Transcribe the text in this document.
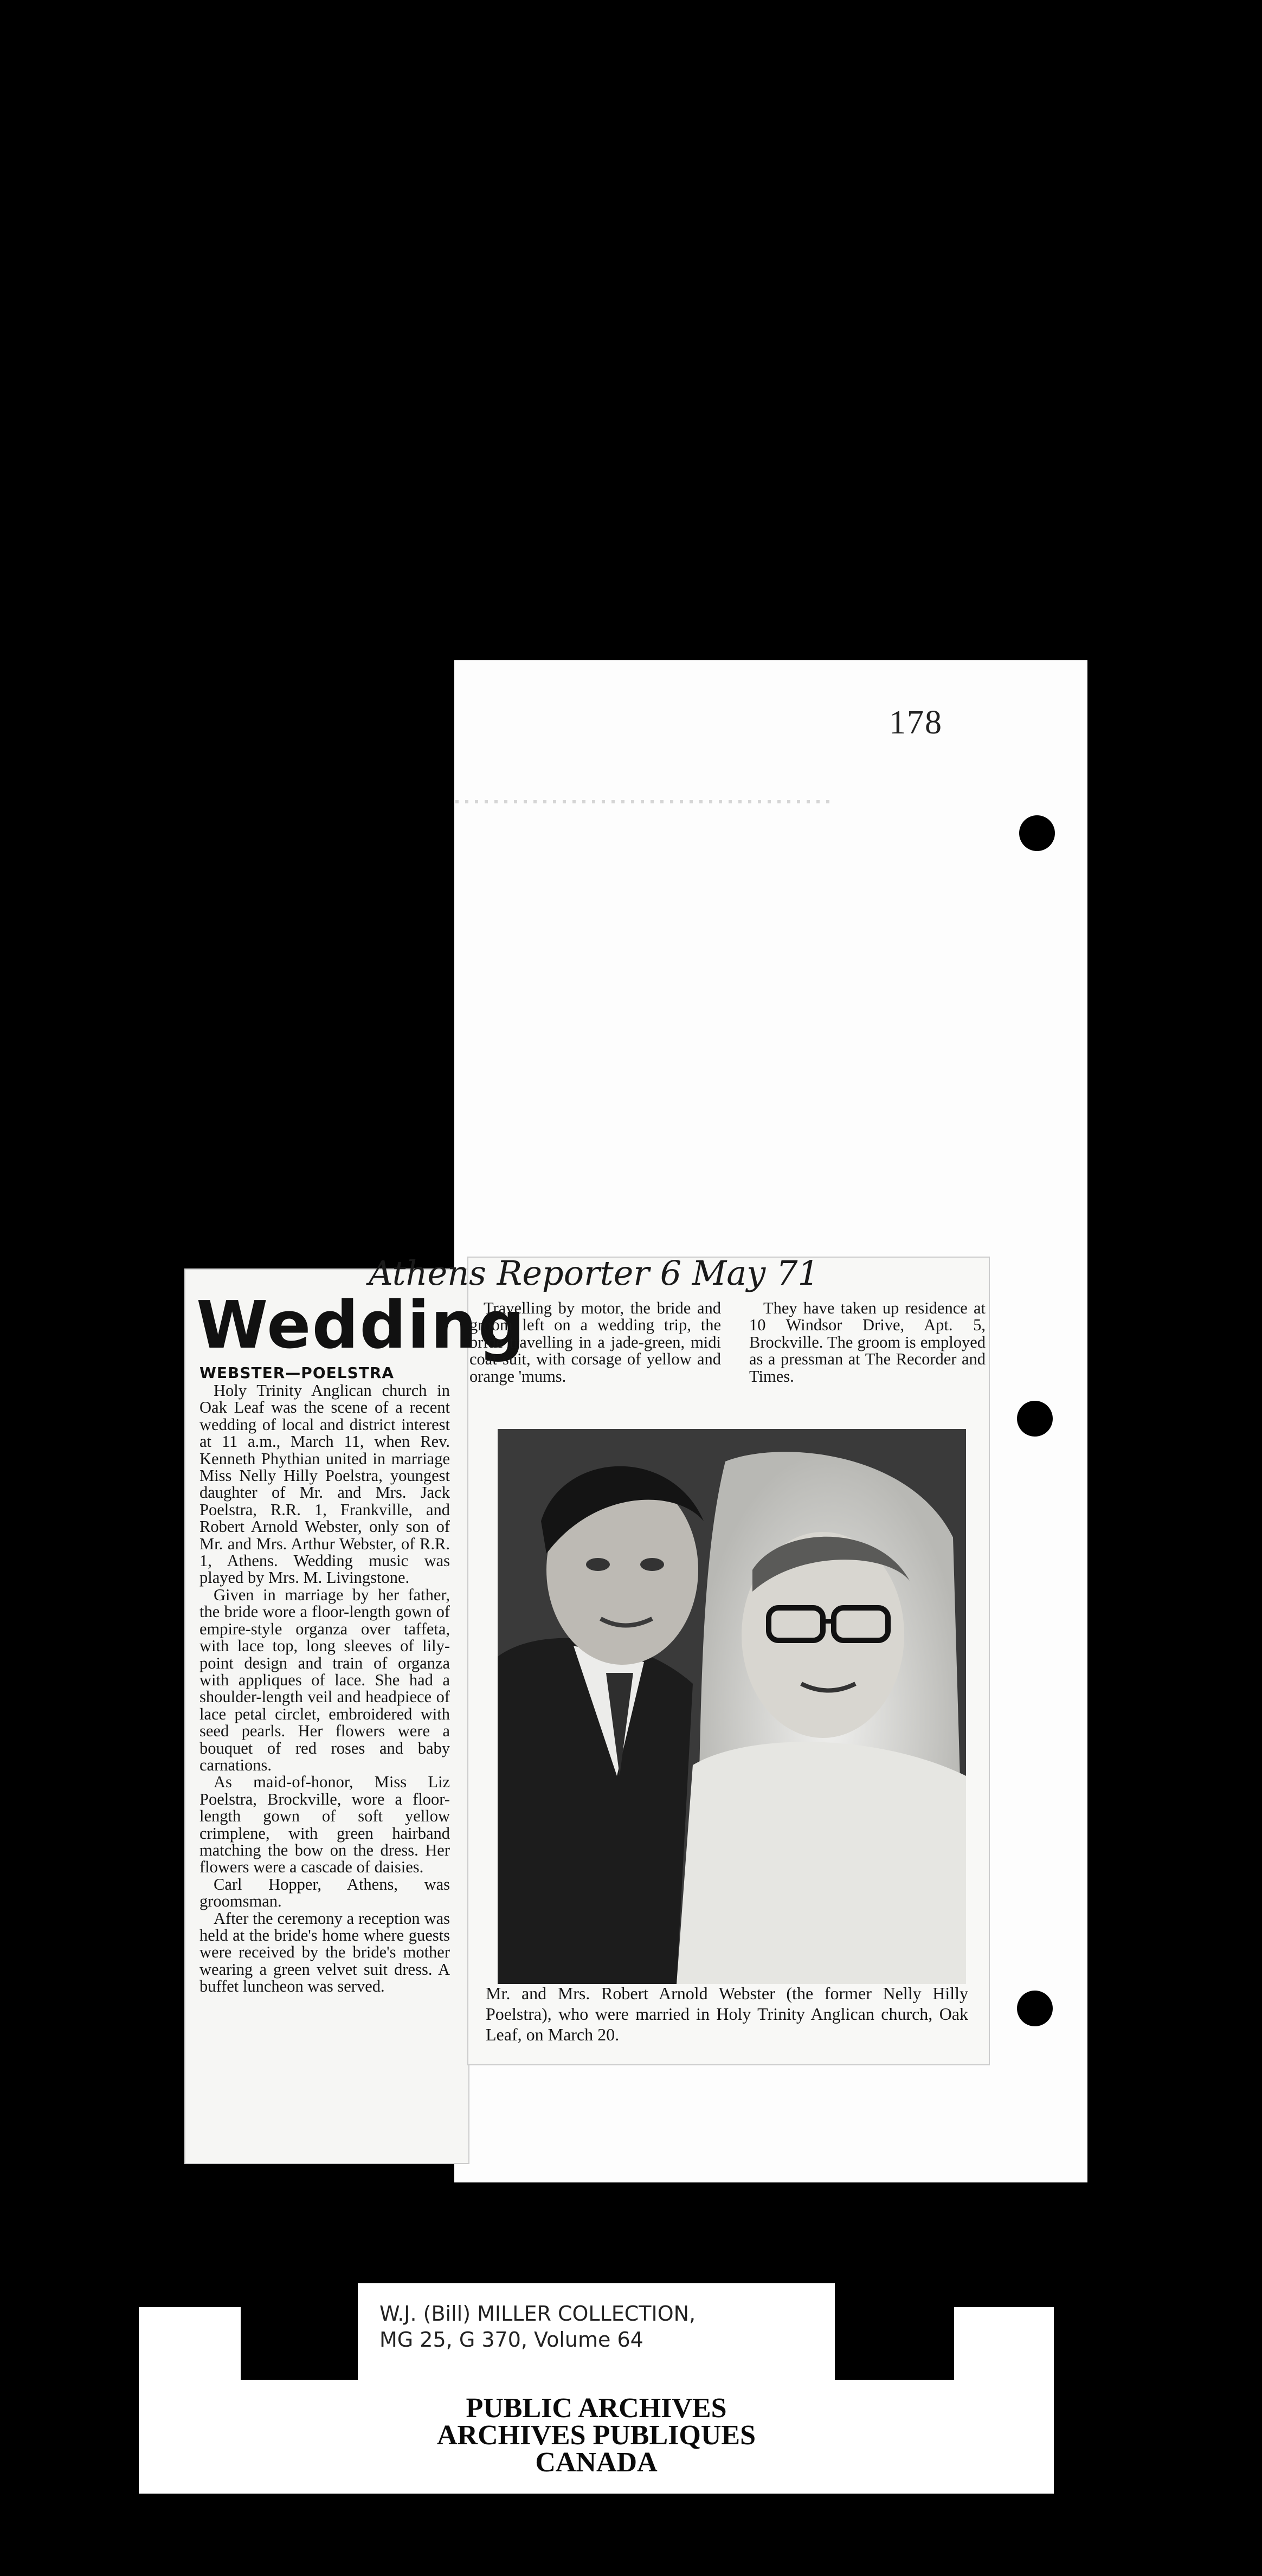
178
Athens Reporter 6 May 71
Wedding
WEBSTER—POELSTRA

Holy Trinity Anglican church in Oak Leaf was the scene of a recent wedding of local and district interest at 11 a.m., March 11, when Rev. Kenneth Phythian united in marriage Miss Nelly Hilly Poelstra, youngest daughter of Mr. and Mrs. Jack Poelstra, R.R. 1, Frankville, and Robert Arnold Webster, only son of Mr. and Mrs. Arthur Webster, of R.R. 1, Athens. Wedding music was played by Mrs. M. Livingstone.

Given in marriage by her father, the bride wore a floor-length gown of empire-style organza over taffeta, with lace top, long sleeves of lily-point design and train of organza with appliques of lace. She had a shoulder-length veil and headpiece of lace petal circlet, embroidered with seed pearls. Her flowers were a bouquet of red roses and baby carnations.

As maid-of-honor, Miss Liz Poelstra, Brockville, wore a floor-length gown of soft yellow crimplene, with green hairband matching the bow on the dress. Her flowers were a cascade of daisies.

Carl Hopper, Athens, was groomsman.

After the ceremony a reception was held at the bride's home where guests were received by the bride's mother wearing a green velvet suit dress. A buffet luncheon was served.

Travelling by motor, the bride and groom left on a wedding trip, the bride travelling in a jade-green, midi coat-suit, with corsage of yellow and orange 'mums.

They have taken up residence at 10 Windsor Drive, Apt. 5, Brockville. The groom is employed as a pressman at The Recorder and Times.

Mr. and Mrs. Robert Arnold Webster (the former Nelly Hilly Poelstra), who were married in Holy Trinity Anglican church, Oak Leaf, on March 20.
W.J. (Bill) MILLER COLLECTION,
MG 25, G 370, Volume 64
PUBLIC ARCHIVES
ARCHIVES PUBLIQUES
CANADA
